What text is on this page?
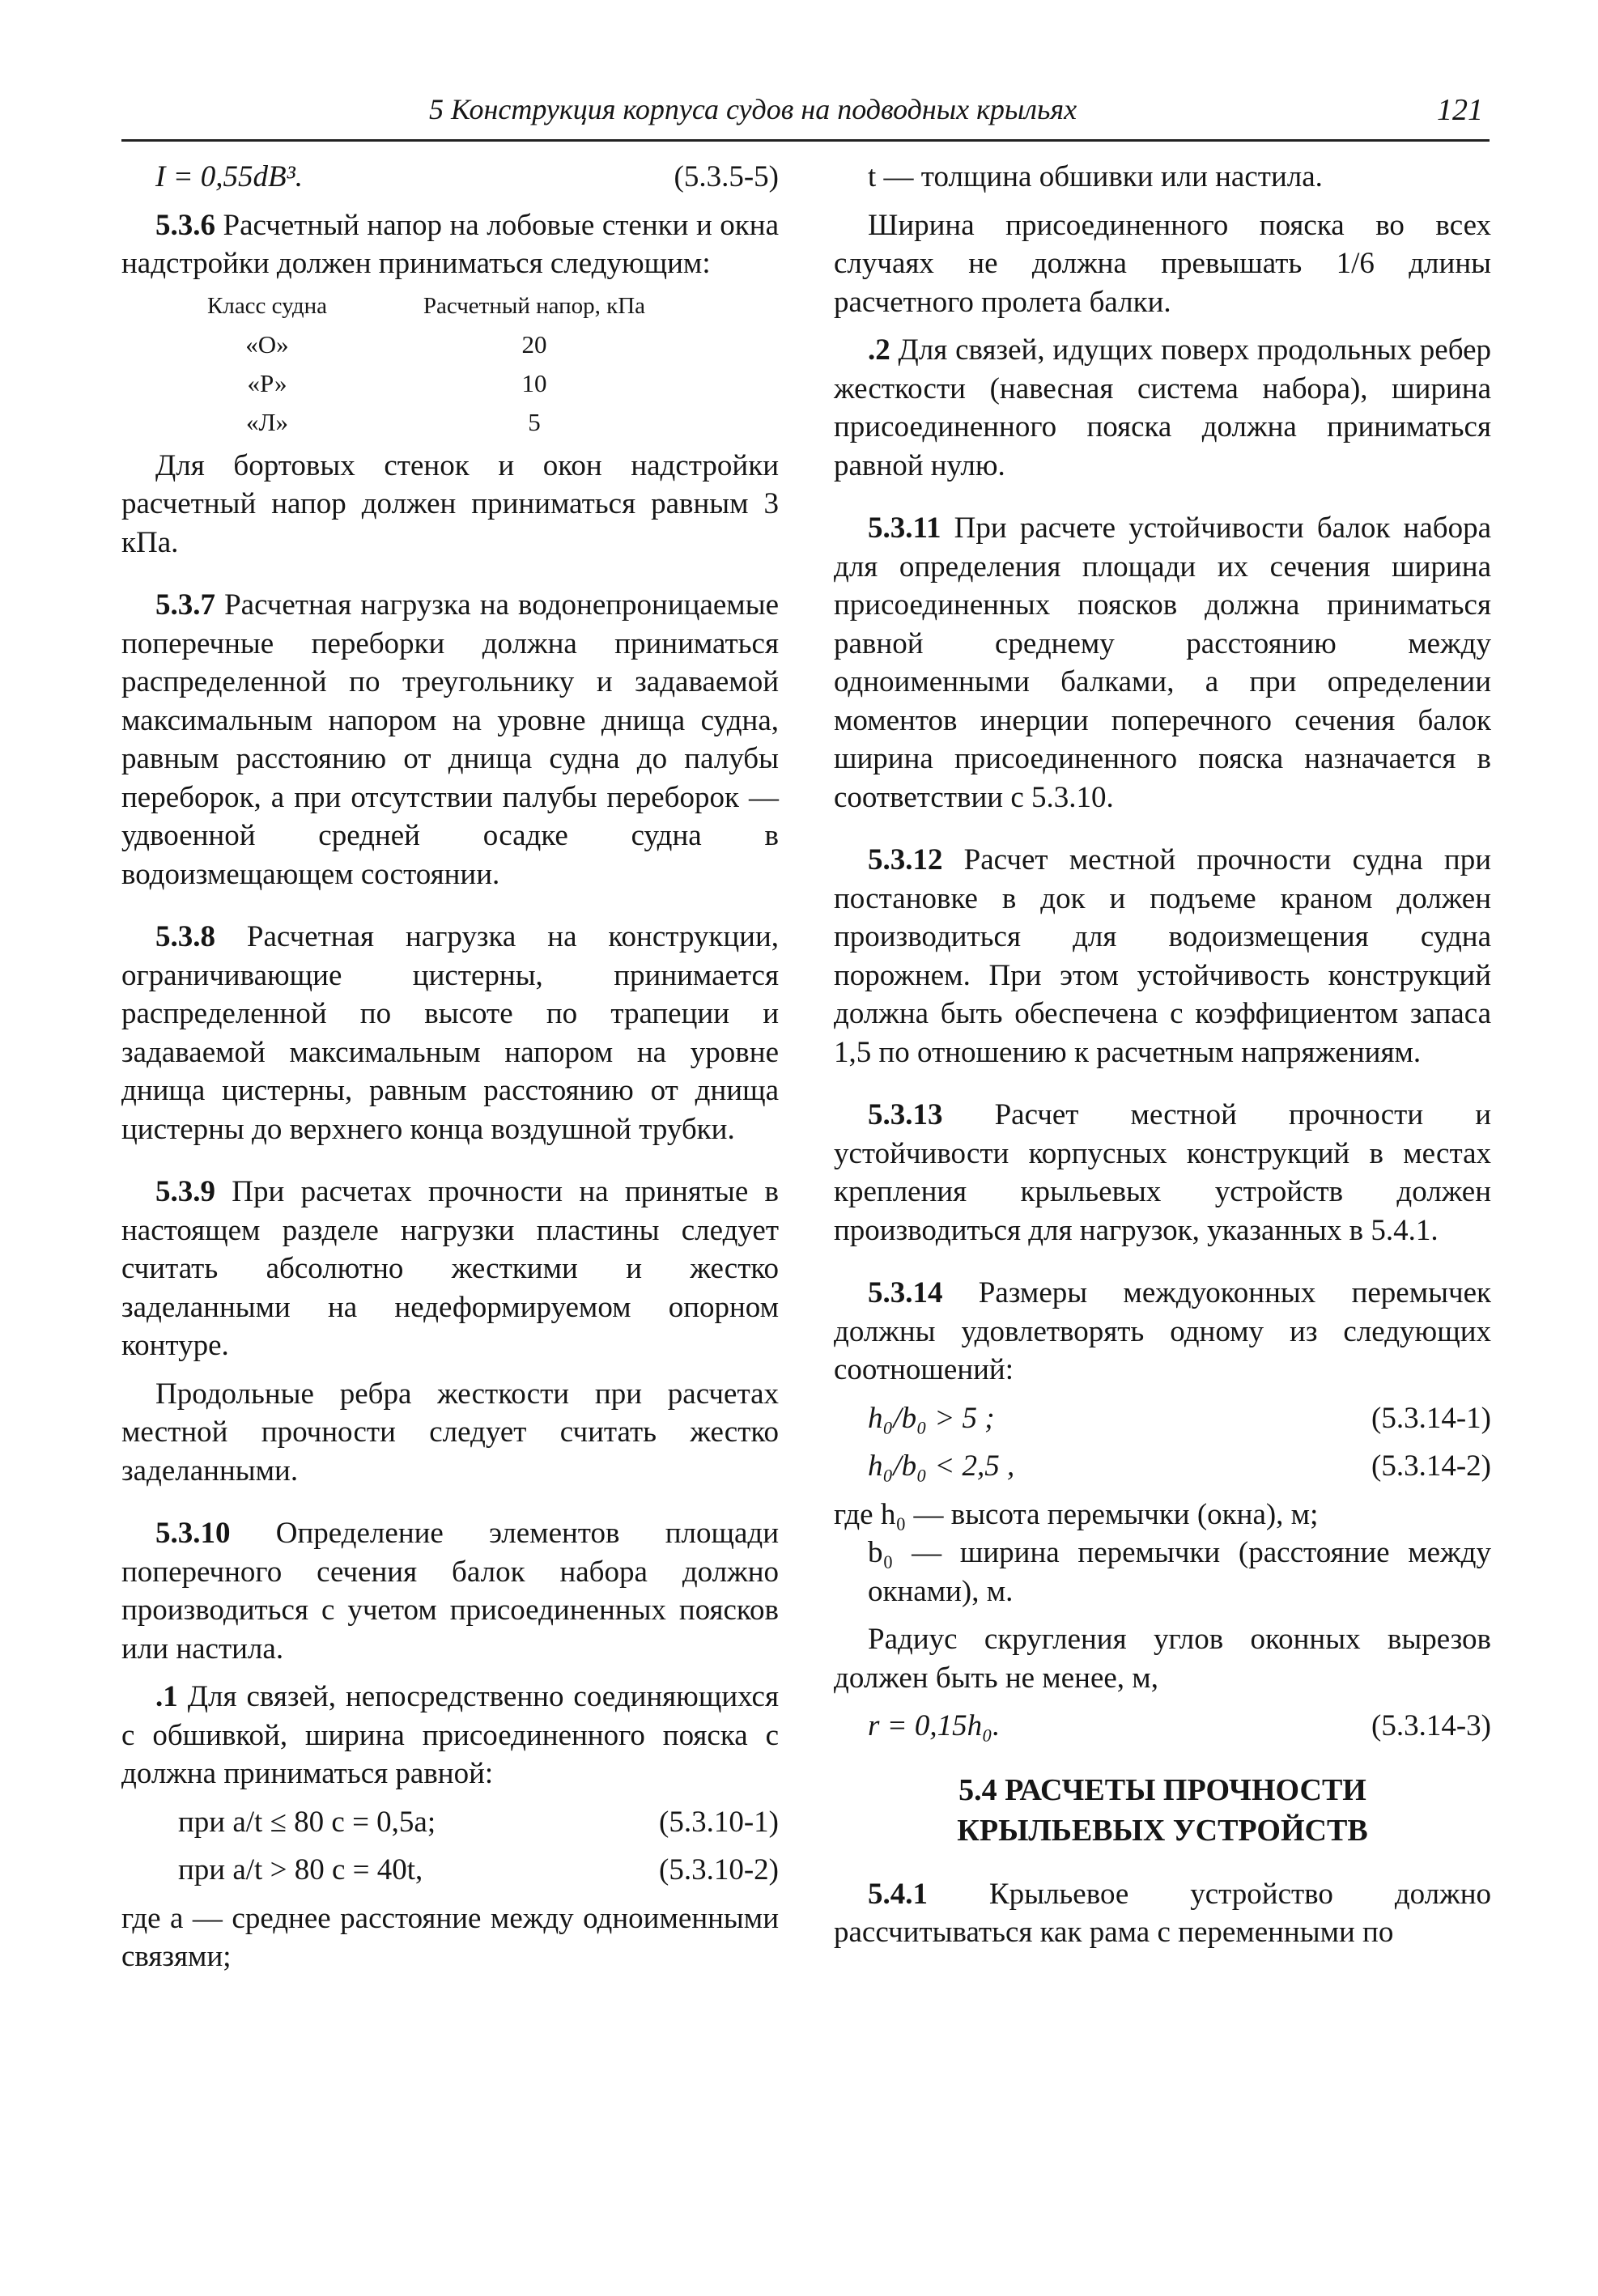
5 Конструкция корпуса судов на подводных крыльях	121
I = 0,55dB³.	(5.3.5-5)

5.3.6 Расчетный напор на лобовые стенки и окна надстройки должен приниматься следующим:

Класс судна	Расчетный напор, кПа
«О»	20
«Р»	10
«Л»	5

Для бортовых стенок и окон надстройки расчетный напор должен приниматься равным 3 кПа.

5.3.7 Расчетная нагрузка на водонепроницаемые поперечные переборки должна приниматься распределенной по треугольнику и задаваемой максимальным напором на уровне днища судна, равным расстоянию от днища судна до палубы переборок, а при отсутствии палубы переборок — удвоенной средней осадке судна в водоизмещающем состоянии.

5.3.8 Расчетная нагрузка на конструкции, ограничивающие цистерны, принимается распределенной по высоте по трапеции и задаваемой максимальным напором на уровне днища цистерны, равным расстоянию от днища цистерны до верхнего конца воздушной трубки.

5.3.9 При расчетах прочности на принятые в настоящем разделе нагрузки пластины следует считать абсолютно жесткими и жестко заделанными на недеформируемом опорном контуре.

Продольные ребра жесткости при расчетах местной прочности следует считать жестко заделанными.

5.3.10 Определение элементов площади поперечного сечения балок набора должно производиться с учетом присоединенных поясков или настила.

.1 Для связей, непосредственно соединяющихся с обшивкой, ширина присоединенного пояска c должна приниматься равной:

при a/t ≤ 80 c = 0,5a;	(5.3.10-1)
при a/t > 80 c = 40t,	(5.3.10-2)

где a — среднее расстояние между одноименными связями;

t — толщина обшивки или настила.

Ширина присоединенного пояска во всех случаях не должна превышать 1/6 длины расчетного пролета балки.

.2 Для связей, идущих поверх продольных ребер жесткости (навесная система набора), ширина присоединенного пояска должна приниматься равной нулю.

5.3.11 При расчете устойчивости балок набора для определения площади их сечения ширина присоединенных поясков должна приниматься равной среднему расстоянию между одноименными балками, а при определении моментов инерции поперечного сечения балок ширина присоединенного пояска назначается в соответствии с 5.3.10.

5.3.12 Расчет местной прочности судна при постановке в док и подъеме краном должен производиться для водоизмещения судна порожнем. При этом устойчивость конструкций должна быть обеспечена с коэффициентом запаса 1,5 по отношению к расчетным напряжениям.

5.3.13 Расчет местной прочности и устойчивости корпусных конструкций в местах крепления крыльевых устройств должен производиться для нагрузок, указанных в 5.4.1.

5.3.14 Размеры междуоконных перемычек должны удовлетворять одному из следующих соотношений:

h₀/b₀ > 5 ;	(5.3.14-1)
h₀/b₀ < 2,5 ,	(5.3.14-2)

где h₀ — высота перемычки (окна), м;

b₀ — ширина перемычки (расстояние между окнами), м.

Радиус скругления углов оконных вырезов должен быть не менее, м,

r = 0,15h₀.	(5.3.14-3)
5.4 РАСЧЕТЫ ПРОЧНОСТИ
КРЫЛЬЕВЫХ УСТРОЙСТВ

5.4.1 Крыльевое устройство должно рассчитываться как рама с переменными по
